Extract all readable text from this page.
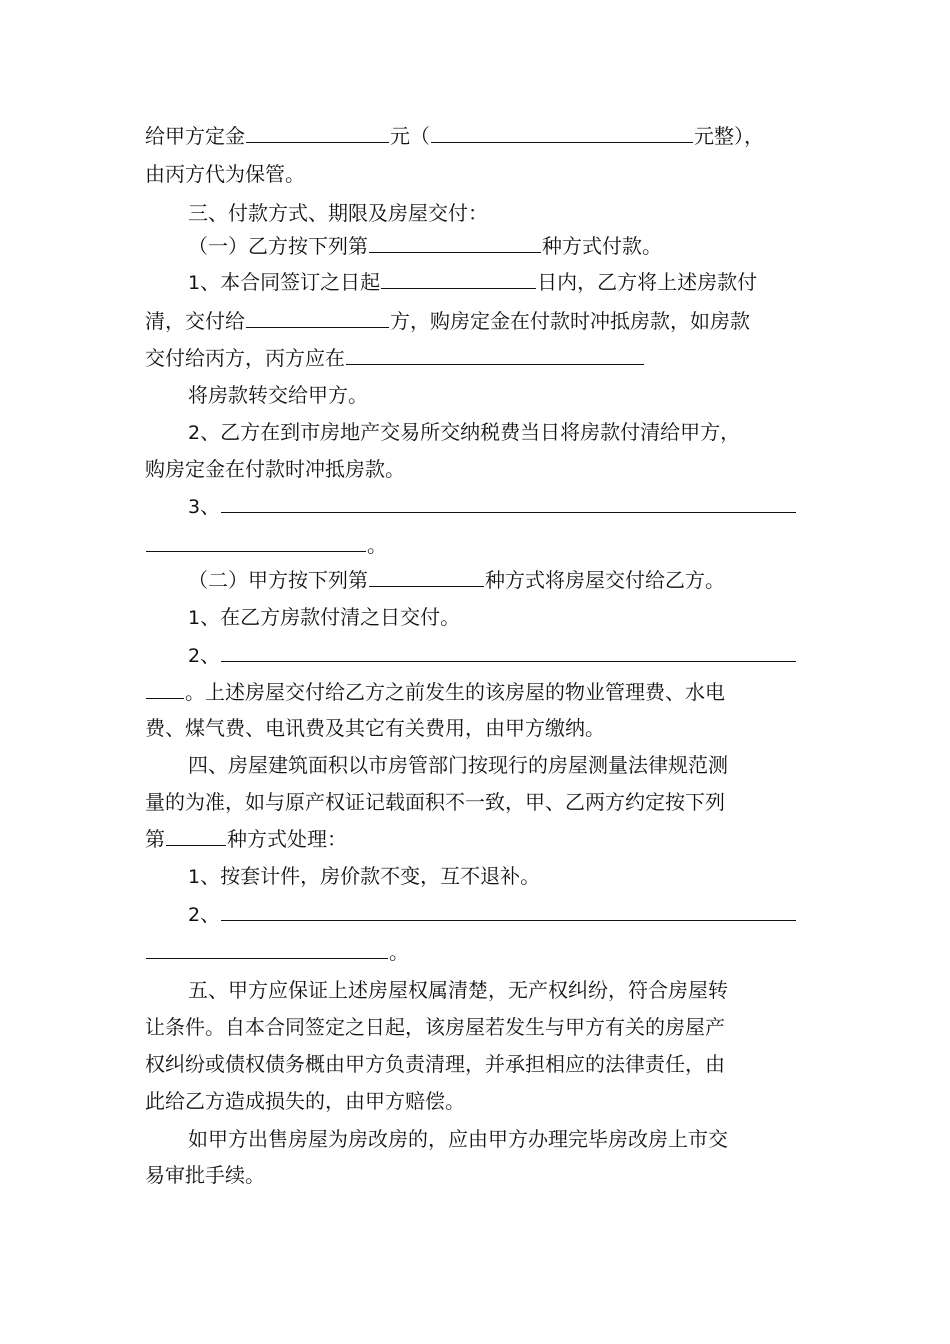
给甲方定金	元（	元整），
由丙方代为保管。
三、付款方式、期限及房屋交付：
（一）乙方按下列第	种方式付款。
1、本合同签订之日起	日内，乙方将上述房款付
清，交付给	方，购房定金在付款时冲抵房款，如房款
交付给丙方，丙方应在
将房款转交给甲方。
2、乙方在到市房地产交易所交纳税费当日将房款付清给甲方，
购房定金在付款时冲抵房款。
3、
。
（二）甲方按下列第	种方式将房屋交付给乙方。
1、在乙方房款付清之日交付。
2、
。上述房屋交付给乙方之前发生的该房屋的物业管理费、水电
费、煤气费、电讯费及其它有关费用，由甲方缴纳。
四、房屋建筑面积以市房管部门按现行的房屋测量法律规范测
量的为准，如与原产权证记载面积不一致，甲、乙两方约定按下列
第	种方式处理：
1、按套计件，房价款不变，互不退补。
2、
。
五、甲方应保证上述房屋权属清楚，无产权纠纷，符合房屋转
让条件。自本合同签定之日起，该房屋若发生与甲方有关的房屋产
权纠纷或债权债务概由甲方负责清理，并承担相应的法律责任，由
此给乙方造成损失的，由甲方赔偿。
如甲方出售房屋为房改房的，应由甲方办理完毕房改房上市交
易审批手续。
